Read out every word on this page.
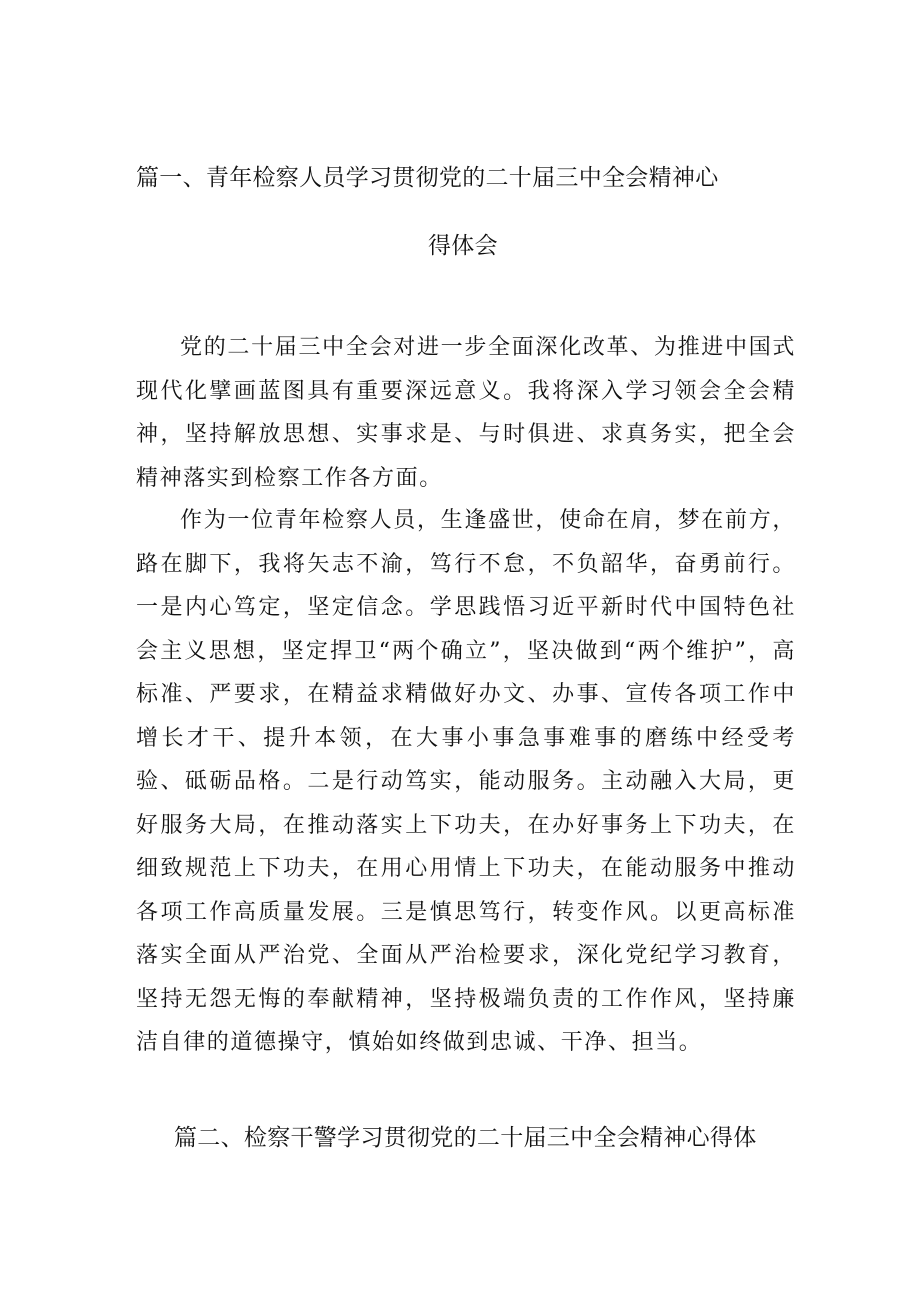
篇一、青年检察人员学习贯彻党的二十届三中全会精神心
得体会

党的二十届三中全会对进一步全面深化改革、为推进中国式现代化擘画蓝图具有重要深远意义。我将深入学习领会全会精神，坚持解放思想、实事求是、与时俱进、求真务实，把全会精神落实到检察工作各方面。

作为一位青年检察人员，生逢盛世，使命在肩，梦在前方，路在脚下，我将矢志不渝，笃行不怠，不负韶华，奋勇前行。一是内心笃定，坚定信念。学思践悟习近平新时代中国特色社会主义思想，坚定捍卫“两个确立”，坚决做到“两个维护”，高标准、严要求，在精益求精做好办文、办事、宣传各项工作中增长才干、提升本领，在大事小事急事难事的磨练中经受考验、砥砺品格。二是行动笃实，能动服务。主动融入大局，更好服务大局，在推动落实上下功夫，在办好事务上下功夫，在细致规范上下功夫，在用心用情上下功夫，在能动服务中推动各项工作高质量发展。三是慎思笃行，转变作风。以更高标准落实全面从严治党、全面从严治检要求，深化党纪学习教育，坚持无怨无悔的奉献精神，坚持极端负责的工作作风，坚持廉洁自律的道德操守，慎始如终做到忠诚、干净、担当。

篇二、检察干警学习贯彻党的二十届三中全会精神心得体
